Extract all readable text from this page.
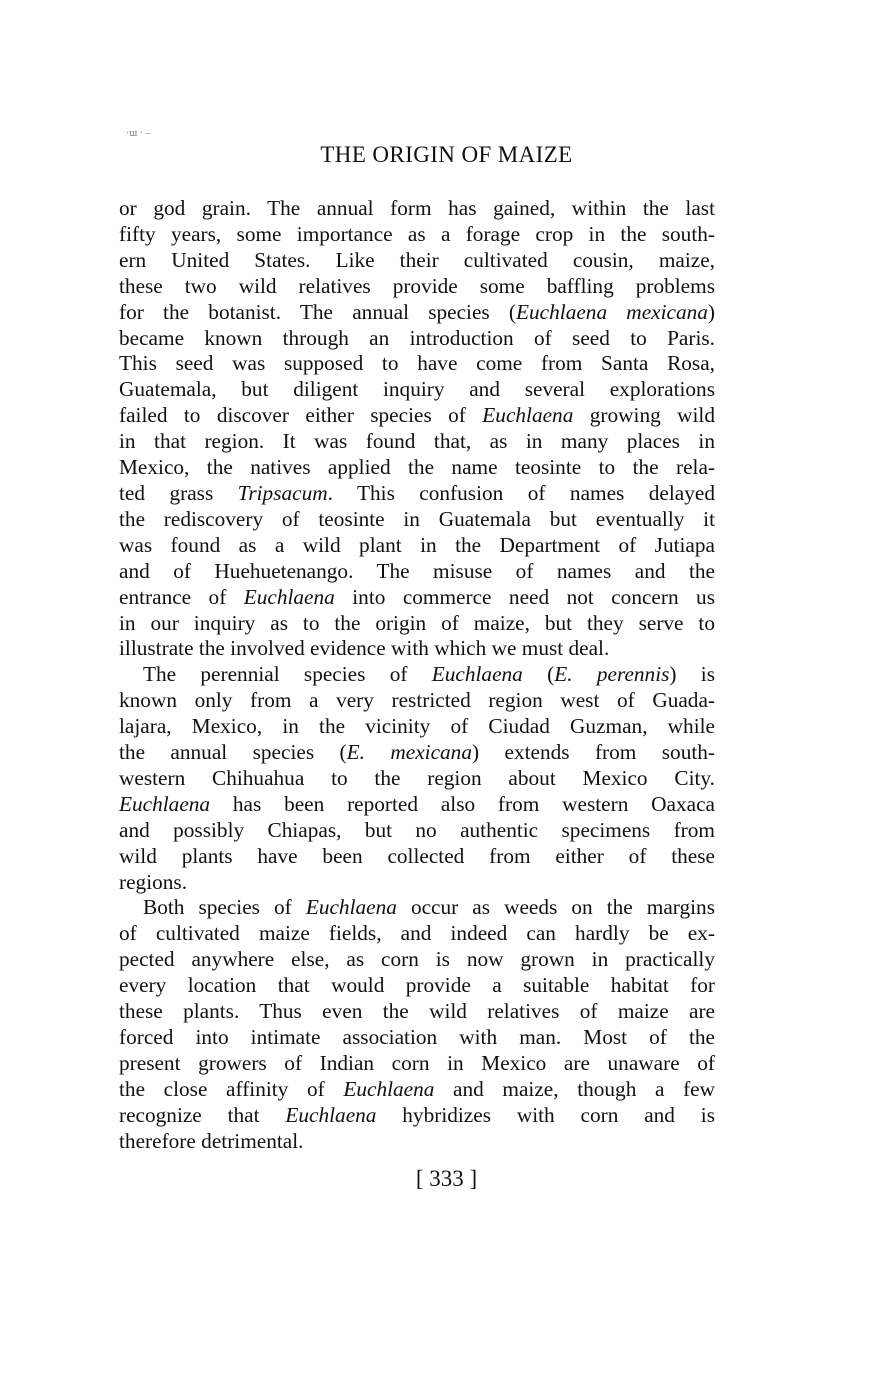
·ɯ · –
THE ORIGIN OF MAIZE
or god grain. The annual form has gained, within the last
fifty years, some importance as a forage crop in the south-
ern United States. Like their cultivated cousin, maize,
these two wild relatives provide some baffling problems
for the botanist. The annual species (Euchlaena mexicana)
became known through an introduction of seed to Paris.
This seed was supposed to have come from Santa Rosa,
Guatemala, but diligent inquiry and several explorations
failed to discover either species of Euchlaena growing wild
in that region. It was found that, as in many places in
Mexico, the natives applied the name teosinte to the rela-
ted grass Tripsacum. This confusion of names delayed
the rediscovery of teosinte in Guatemala but eventually it
was found as a wild plant in the Department of Jutiapa
and of Huehuetenango. The misuse of names and the
entrance of Euchlaena into commerce need not concern us
in our inquiry as to the origin of maize, but they serve to
illustrate the involved evidence with which we must deal.
The perennial species of Euchlaena (E. perennis) is
known only from a very restricted region west of Guada-
lajara, Mexico, in the vicinity of Ciudad Guzman, while
the annual species (E. mexicana) extends from south-
western Chihuahua to the region about Mexico City.
Euchlaena has been reported also from western Oaxaca
and possibly Chiapas, but no authentic specimens from
wild plants have been collected from either of these
regions.
Both species of Euchlaena occur as weeds on the margins
of cultivated maize fields, and indeed can hardly be ex-
pected anywhere else, as corn is now grown in practically
every location that would provide a suitable habitat for
these plants. Thus even the wild relatives of maize are
forced into intimate association with man. Most of the
present growers of Indian corn in Mexico are unaware of
the close affinity of Euchlaena and maize, though a few
recognize that Euchlaena hybridizes with corn and is
therefore detrimental.
[ 333 ]
